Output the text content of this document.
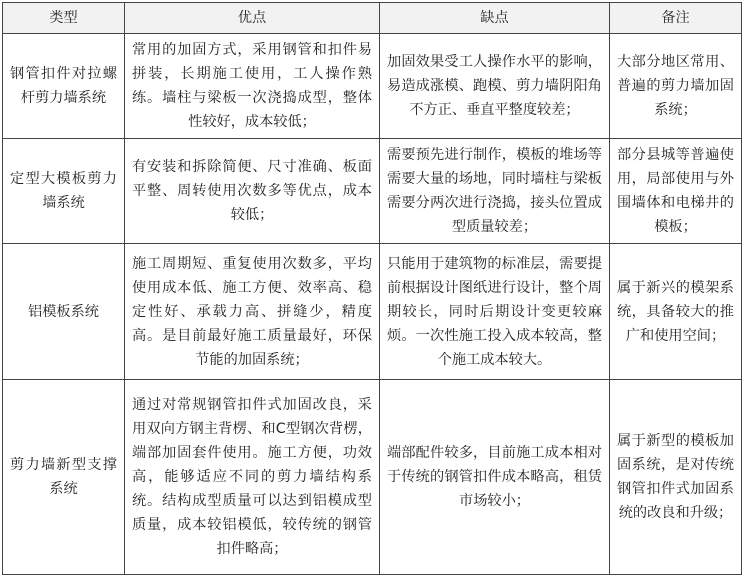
类型	优点	缺点	备注
钢管扣件对拉螺杆剪力墙系统	常用的加固方式，采用钢管和扣件易拼装，长期施工使用，工人操作熟练。墙柱与梁板一次浇捣成型，整体性较好，成本较低；	加固效果受工人操作水平的影响，易造成涨模、跑模、剪力墙阴阳角不方正、垂直平整度较差；	大部分地区常用、普遍的剪力墙加固系统；
定型大模板剪力墙系统	有安装和拆除简便、尺寸准确、板面平整、周转使用次数多等优点，成本较低；	需要预先进行制作，模板的堆场等需要大量的场地，同时墙柱与梁板需要分两次进行浇捣，接头位置成型质量较差；	部分县城等普遍使用，局部使用与外围墙体和电梯井的模板；
铝模板系统	施工周期短、重复使用次数多，平均使用成本低、施工方便、效率高、稳定性好、承载力高、拼缝少，精度高。是目前最好施工质量最好，环保节能的加固系统；	只能用于建筑物的标准层，需要提前根据设计图纸进行设计，整个周期较长，同时后期设计变更较麻烦。一次性施工投入成本较高，整个施工成本较大。	属于新兴的模架系统，具备较大的推广和使用空间；
剪力墙新型支撑系统	通过对常规钢管扣件式加固改良，采用双向方钢主背楞、和C型钢次背楞，端部加固套件使用。施工方便，功效高，能够适应不同的剪力墙结构系统。结构成型质量可以达到铝模成型质量，成本较铝模低，较传统的钢管扣件略高；	端部配件较多，目前施工成本相对于传统的钢管扣件成本略高，租赁市场较小；	属于新型的模板加固系统，是对传统钢管扣件式加固系统的改良和升级；
